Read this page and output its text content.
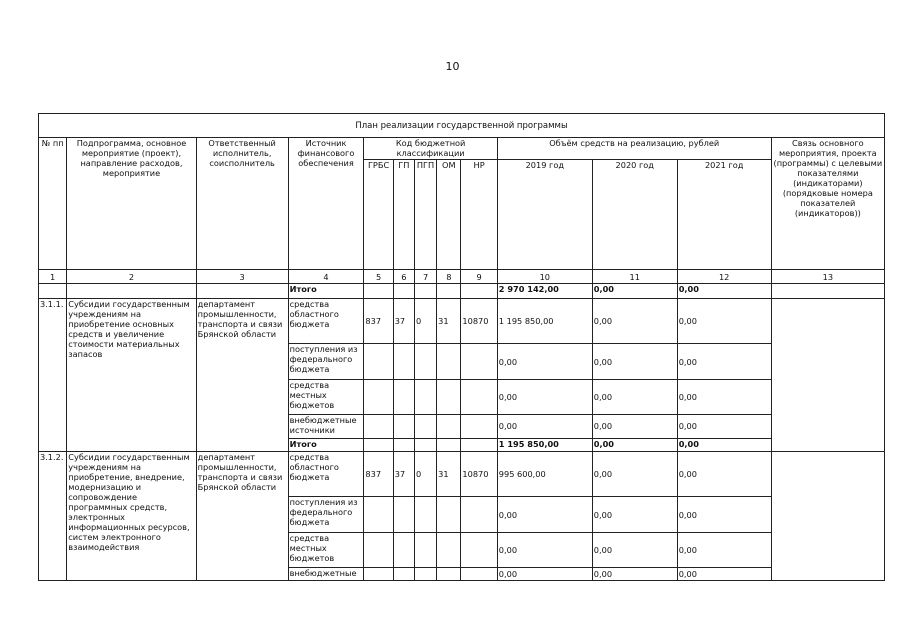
10
План реализации государственной программы												
№ пп	Подпрограмма, основное мероприятие (проект), направление расходов, мероприятие	Ответственный исполнитель, соисполнитель	Источник финансового обеспечения	Код бюджетной классификации					Объём средств на реализацию, рублей			Связь основного мероприятия, проекта (программы) с целевыми показателями (индикаторами) (порядковые номера показателей (индикаторов))
				ГРБС	ГП	ПГП	ОМ	НР	2019 год	2020 год	2021 год	
1	2	3	4	5	6	7	8	9	10	11	12	13
			Итого						2 970 142,00	0,00	0,00	
3.1.1.	Субсидии государственным учреждениям на приобретение основных средств и увеличение стоимости материальных запасов	департамент промышленности, транспорта и связи Брянской области	средства областного бюджета	837	37	0	31	10870	1 195 850,00	0,00	0,00	
			поступления из федерального бюджета						0,00	0,00	0,00	
			средства местных бюджетов						0,00	0,00	0,00	
			внебюджетные источники						0,00	0,00	0,00	
			Итого						1 195 850,00	0,00	0,00	
3.1.2.	Субсидии государственным учреждениям на приобретение, внедрение, модернизацию и сопровождение программных средств, электронных информационных ресурсов, систем электронного взаимодействия	департамент промышленности, транспорта и связи Брянской области	средства областного бюджета	837	37	0	31	10870	995 600,00	0,00	0,00	
			поступления из федерального бюджета						0,00	0,00	0,00	
			средства местных бюджетов						0,00	0,00	0,00	
			внебюджетные						0,00	0,00	0,00	
